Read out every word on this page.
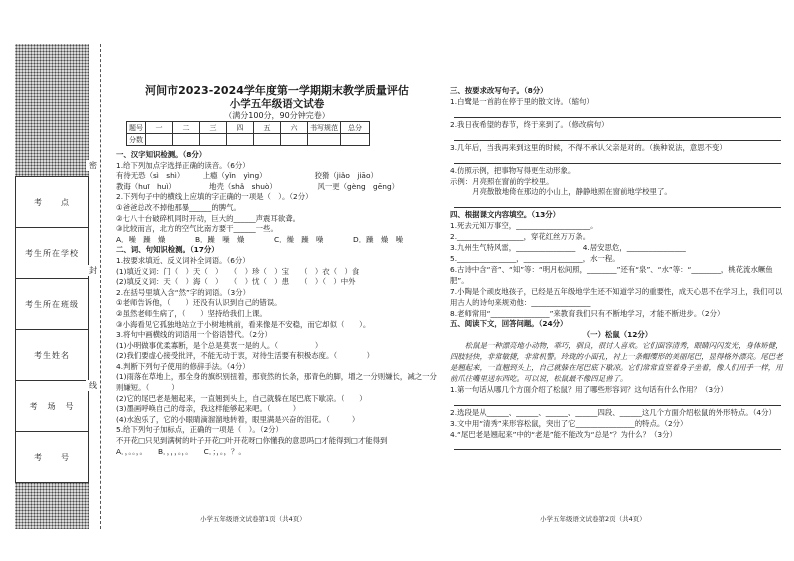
考　　点
考生所在学校
考生所在班级
考生姓名
考　场　号
考　　号
密
封
线
河间市2023-2024学年度第一学期期末教学质量评估
小学五年级语文试卷
（满分100分，90分钟完卷）
题号	一	二	三	四	五	六	书写规范	总分
分数								

一、汉字知识检测。（8分）

1.给下列加点字选择正确的读音。（6分）

有待无恐（sì　shì）　　　上瘾（yǐn　yìng）　　　　　　　狡猾（jiǎo　jiāo）

教诲（huī　huì）　　　　　地壳（shǎ　shuò）　　　　　　风一更（gèng　gēng）

2.下列句子中的横线上应填的字正确的一项是（　）。（2分）

①爸爸总改不掉他那暴______的脾气。

②七八十台破碎机同时开动，巨大的______声震耳欲聋。

③比较而言，北方的空气比南方要干______一些。

A．噪　躁　燥　　　　B．躁　噪　燥　　　　C．燥　躁　噪　　　　D．躁　燥　噪

二、词、句知识检测。（17分）

1.按要求填近、反义词补全词语。（6分）

(1)填近义词：门（　）天（　）　　（　）珍（　）宝　　（　）衣（　）食

(2)填反义词：天（　）海（　）　　（　）忧（　）患　　（　）（　）中外

2.在括号里填入含“然”字的词语。（3分）

①老师告诉他，（　　）还没有认识到自己的错误。

②虽然老师生病了，（　　）坚持给我们上课。

③小海看见它孤独地站立于小树地桃前，看来像是不安稳，而它却似（　　）。

3.将句中画横线的词语用一个俗语替代。（2分）

(1)小明做事优柔寡断，是个总是莫衷一是的人。（　　　　　）

(2)我们要虚心接受批评，不能无动于衷，对待生活要有积极态度。（　　　　）

4.判断下列句子使用的修辞手法。（4分）

(1)雨落在草地上，那全身的旗织别扭着，那衰然的长条，那青色的脚，增之一分则嫌长，减之一分则嫌短。（　　　）

(2)它的尾巴老是翘起来，一直翘到头上，自己就躲在尾巴底下歇凉。（　　）

(3)墨画呼唤自己的母亲，我这样能够起来吧。（　　　）

(4)水泡乐了，它的小眼睛滴溜溜地转着，眼里满是兴奋的泪花。（　　　）

5.给下列句子加标点，正确的一项是（　）。（2分）

不开花□只见到满树的叶子开花□叶开花呀□你懂我的意思吗□才能得到□才能得到

A．，。。，。　　B．，，，。，。　　C．；，。，？。

三、按要求改写句子。（8分）

1.白鹭是一首韵在停于里的散文诗。（缩句）

2.我日夜希望的春节，终于来到了。（修改病句）

3.几年后，当我再来到这里的时候，不得不承认父亲是对的。（换种说法，意思不变）

4.仿照示例，把事物写得更生动形象。

示例：月亮照在窗前的学校里。

　　　月亮散散地倚在那边的小山上，静静地照在窗前地学校里了。

四、根据课文内容填空。（13分）

1.死去元知万事空，____________________。

2.__________________，穿花红丝万万条。

3.九州生气特风雷，________________　4.居安思危，________________

5.________________，________________，水一程。

6.古诗中含“音”、“知”等：“明月松间照，________”还有“泉”、“水”等：“________，桃花流水鳜鱼肥”。

7.小陶是个顽皮地孩子，已经是五年级地学生还不知道学习的重要性，成天心思不在学习上，我们可以用古人的诗句来规劝他：________________

8.老师常用“________________”来教育我们只有不断地学习，才能不断进步。（2分）

五、阅读下文，回答问题。（24分）

（一）松鼠（12分）

松鼠是一种漂亮地小动物，乖巧，驯良，很讨人喜欢。它们面容清秀，眼睛闪闪发光，身体矫健，四肢轻快，非常敏捷，非常机警。玲珑的小面孔，衬上一条帽缨形的美丽尾巴，显得格外漂亮。尾巴老是翘起来，一直翘到头上，自己就躲在尾巴底下歇凉。它们常常直竖着身子坐着，像人们用手一样，用前爪往嘴里送东西吃。可以说，松鼠最不像四足兽了。

1.第一句话从哪几个方面介绍了松鼠？用了哪些形容词？这句话有什么作用？（3分）

2.选段是从______、______、______、______四段、______这几个方面介绍松鼠的外形特点。（4分）

3.文中用“清秀”来形容松鼠，突出了它________________的特点。（2分）

4.“尾巴老是翘起来”中的“老是”能不能改为“总是”？为什么？（3分）

小学五年级语文试卷第1页（共4页）	小学五年级语文试卷第2页（共4页）
